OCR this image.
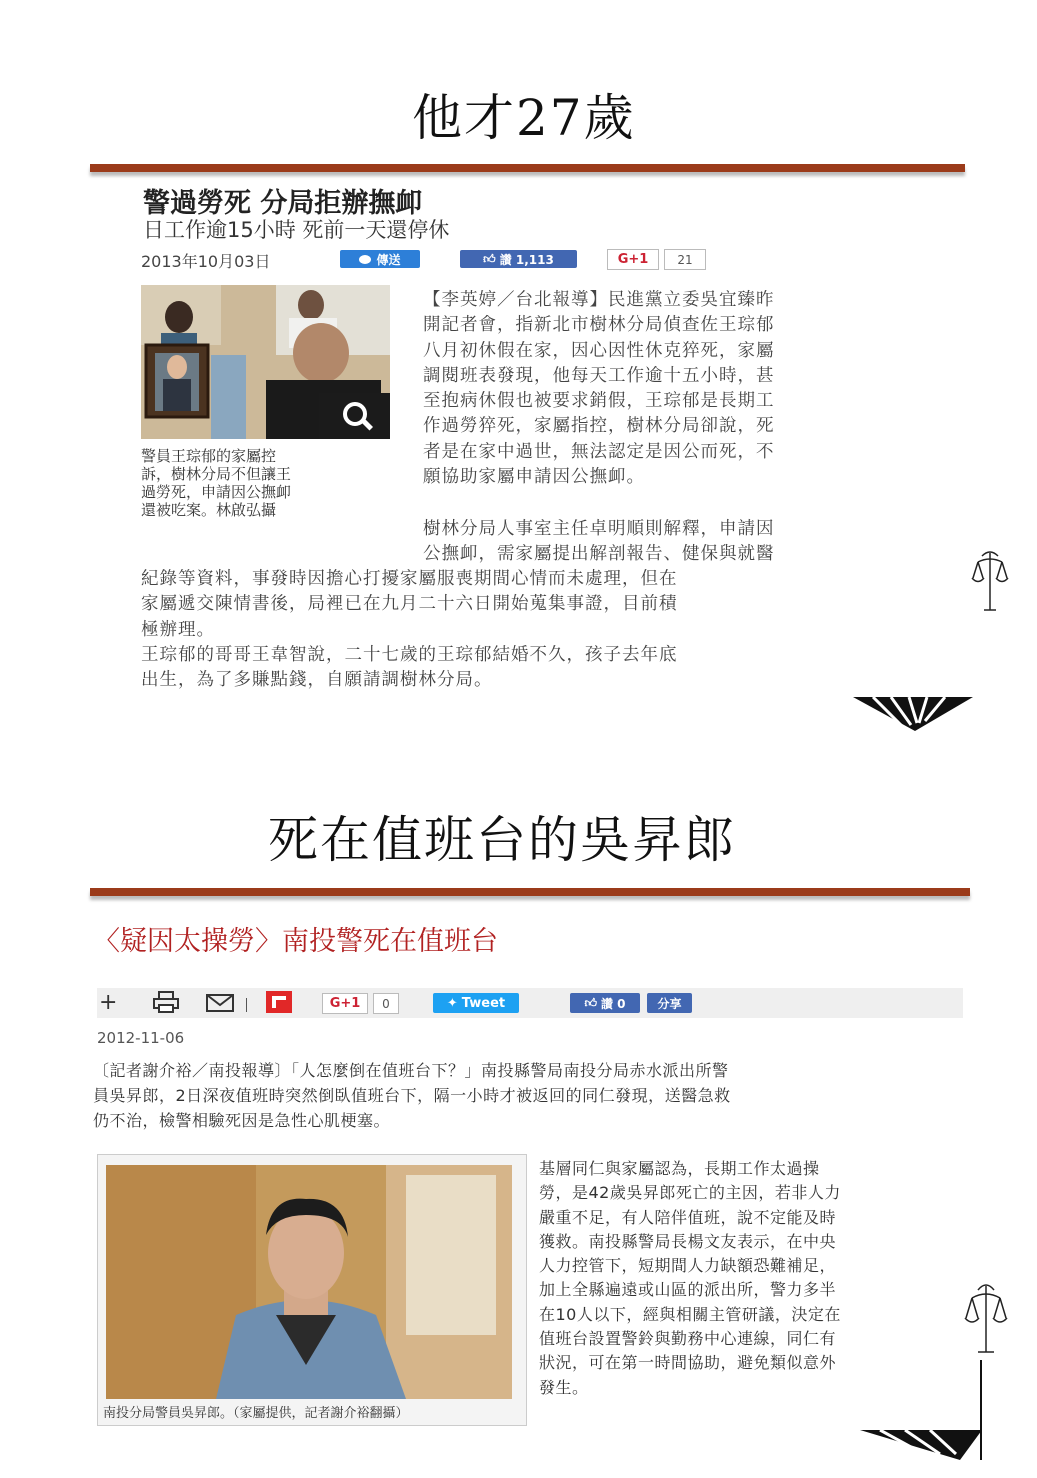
他才27歲
警過勞死 分局拒辦撫卹
日工作逾15小時 死前一天還停休
2013年10月03日	傳送	👍︎ 讚 1,113	G+1	21
警員王琮郁的家屬控
訴，樹林分局不但讓王
過勞死，申請因公撫卹
還被吃案。林啟弘攝
【李英婷／台北報導】民進黨立委吳宜臻昨
開記者會，指新北市樹林分局偵查佐王琮郁
八月初休假在家，因心因性休克猝死，家屬
調閱班表發現，他每天工作逾十五小時，甚
至抱病休假也被要求銷假，王琮郁是長期工
作過勞猝死，家屬指控，樹林分局卻說，死
者是在家中過世，無法認定是因公而死，不
願協助家屬申請因公撫卹。
樹林分局人事室主任卓明順則解釋，申請因
公撫卹，需家屬提出解剖報告、健保與就醫
紀錄等資料，事發時因擔心打擾家屬服喪期間心情而未處理，但在
家屬遞交陳情書後，局裡已在九月二十六日開始蒐集事證，目前積
極辦理。
王琮郁的哥哥王韋智說，二十七歲的王琮郁結婚不久，孩子去年底
出生，為了多賺點錢，自願請調樹林分局。
死在值班台的吳昇郎
〈疑因太操勞〉南投警死在值班台
+	G+1	0	✦ Tweet	👍︎ 讚 0	分享
2012-11-06
〔記者謝介裕／南投報導〕「人怎麼倒在值班台下？」南投縣警局南投分局赤水派出所警
員吳昇郎，2日深夜值班時突然倒臥值班台下，隔一小時才被返回的同仁發現，送醫急救
仍不治，檢警相驗死因是急性心肌梗塞。
南投分局警員吳昇郎。（家屬提供，記者謝介裕翻攝）
基層同仁與家屬認為，長期工作太過操
勞，是42歲吳昇郎死亡的主因，若非人力
嚴重不足，有人陪伴值班，說不定能及時
獲救。南投縣警局長楊文友表示，在中央
人力控管下，短期間人力缺額恐難補足，
加上全縣遍遠或山區的派出所，警力多半
在10人以下，經與相關主管研議，決定在
值班台設置警鈴與勤務中心連線，同仁有
狀況，可在第一時間協助，避免類似意外
發生。
